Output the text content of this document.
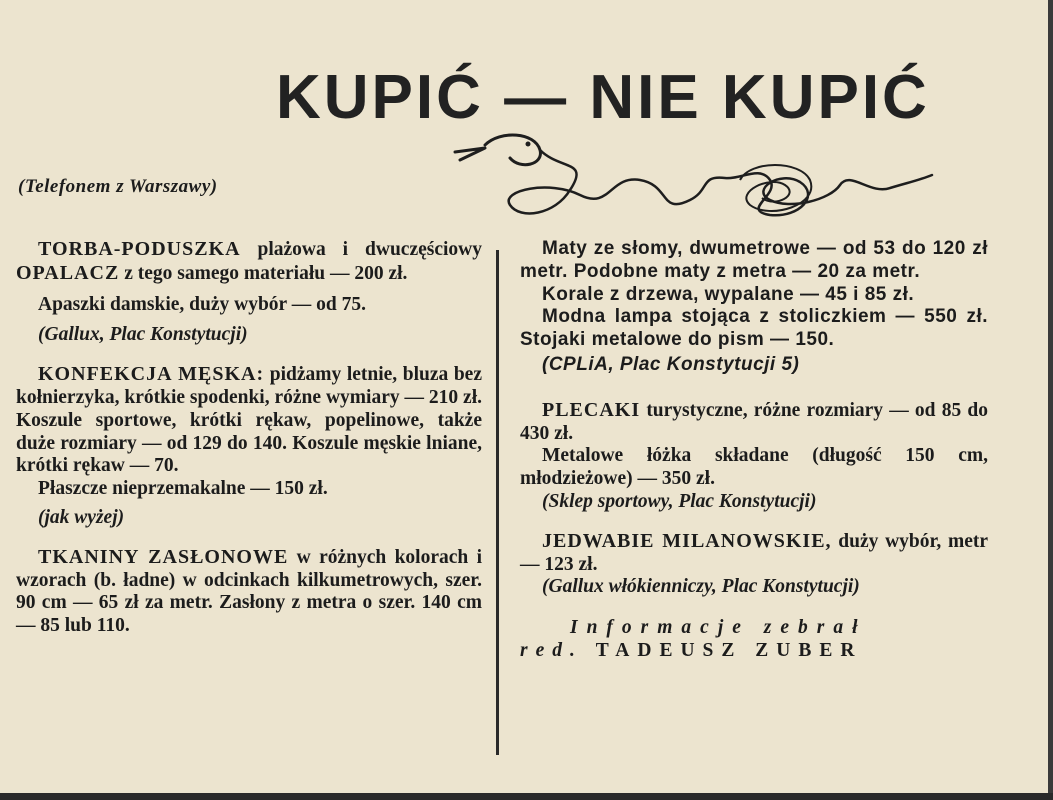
KUPIĆ — NIE KUPIĆ
(Telefonem z Warszawy)

TORBA-PODUSZKA plażowa i dwuczęściowy OPALACZ z tego samego materiału — 200 zł.

Apaszki damskie, duży wybór — od 75.

(Gallux, Plac Konstytucji)

KONFEKCJA MĘSKA: pidżamy letnie, bluza bez kołnierzyka, krótkie spodenki, różne wymiary — 210 zł. Koszule sportowe, krótki rękaw, popelinowe, także duże rozmiary — od 129 do 140. Koszule męskie lniane, krótki rękaw — 70.

Płaszcze nieprzemakalne — 150 zł.

(jak wyżej)

TKANINY ZASŁONOWE w różnych kolorach i wzorach (b. ładne) w odcinkach kilkumetrowych, szer. 90 cm — 65 zł za metr. Zasłony z metra o szer. 140 cm — 85 lub 110.

Maty ze słomy, dwumetrowe — od 53 do 120 zł metr. Podobne maty z metra — 20 za metr.

Korale z drzewa, wypalane — 45 i 85 zł.

Modna lampa stojąca z stoliczkiem — 550 zł. Stojaki metalowe do pism — 150.

(CPLiA, Plac Konstytucji 5)

PLECAKI turystyczne, różne rozmiary — od 85 do 430 zł.

Metalowe łóżka składane (długość 150 cm, młodzieżowe) — 350 zł.

(Sklep sportowy, Plac Konstytucji)

JEDWABIE MILANOWSKIE, duży wybór, metr — 123 zł.

(Gallux włókienniczy, Plac Konstytucji)

Informacje zebrał
red. TADEUSZ ZUBER
